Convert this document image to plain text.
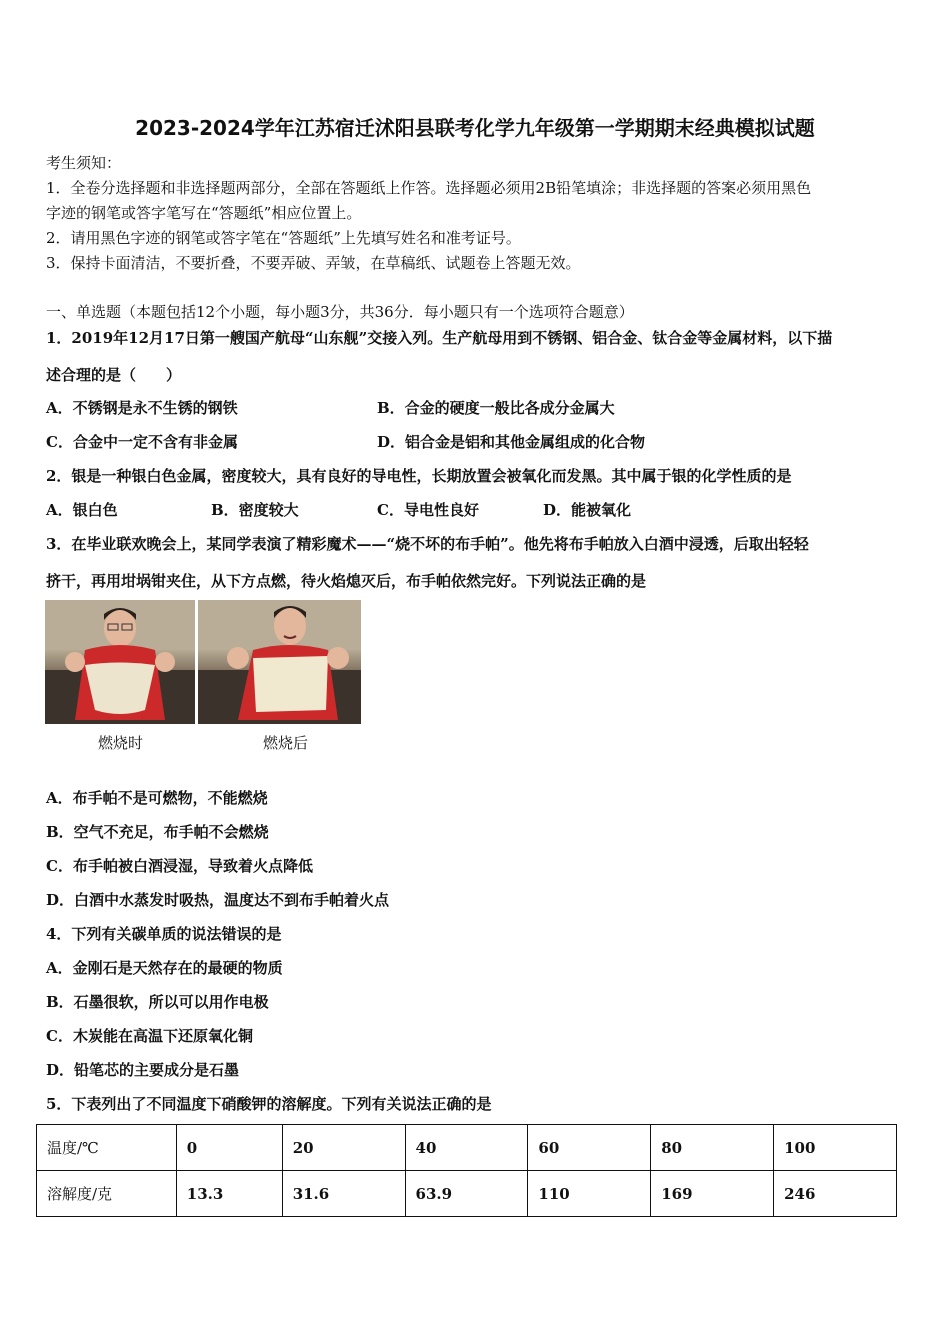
2023-2024学年江苏宿迁沭阳县联考化学九年级第一学期期末经典模拟试题
考生须知：
1．全卷分选择题和非选择题两部分，全部在答题纸上作答。选择题必须用2B铅笔填涂；非选择题的答案必须用黑色
字迹的钢笔或答字笔写在“答题纸”相应位置上。
2．请用黑色字迹的钢笔或答字笔在“答题纸”上先填写姓名和准考证号。
3．保持卡面清洁，不要折叠，不要弄破、弄皱，在草稿纸、试题卷上答题无效。
一、单选题（本题包括12个小题，每小题3分，共36分．每小题只有一个选项符合题意）
1．2019年12月17日第一艘国产航母“山东舰”交接入列。生产航母用到不锈钢、铝合金、钛合金等金属材料，以下描
述合理的是（　　）
A．不锈钢是永不生锈的钢铁	B．合金的硬度一般比各成分金属大
C．合金中一定不含有非金属	D．铝合金是铝和其他金属组成的化合物
2．银是一种银白色金属，密度较大，具有良好的导电性，长期放置会被氧化而发黑。其中属于银的化学性质的是
A．银白色	B．密度较大	C．导电性良好	D．能被氧化
3．在毕业联欢晚会上，某同学表演了精彩魔术——“烧不坏的布手帕”。他先将布手帕放入白酒中浸透，后取出轻轻
挤干，再用坩埚钳夹住，从下方点燃，待火焰熄灭后，布手帕依然完好。下列说法正确的是
燃烧时	燃烧后
A．布手帕不是可燃物，不能燃烧
B．空气不充足，布手帕不会燃烧
C．布手帕被白酒浸湿，导致着火点降低
D．白酒中水蒸发时吸热，温度达不到布手帕着火点
4．下列有关碳单质的说法错误的是
A．金刚石是天然存在的最硬的物质
B．石墨很软，所以可以用作电极
C．木炭能在高温下还原氧化铜
D．铅笔芯的主要成分是石墨
5．下表列出了不同温度下硝酸钾的溶解度。下列有关说法正确的是
温度/℃	0	20	40	60	80	100
溶解度/克	13.3	31.6	63.9	110	169	246
